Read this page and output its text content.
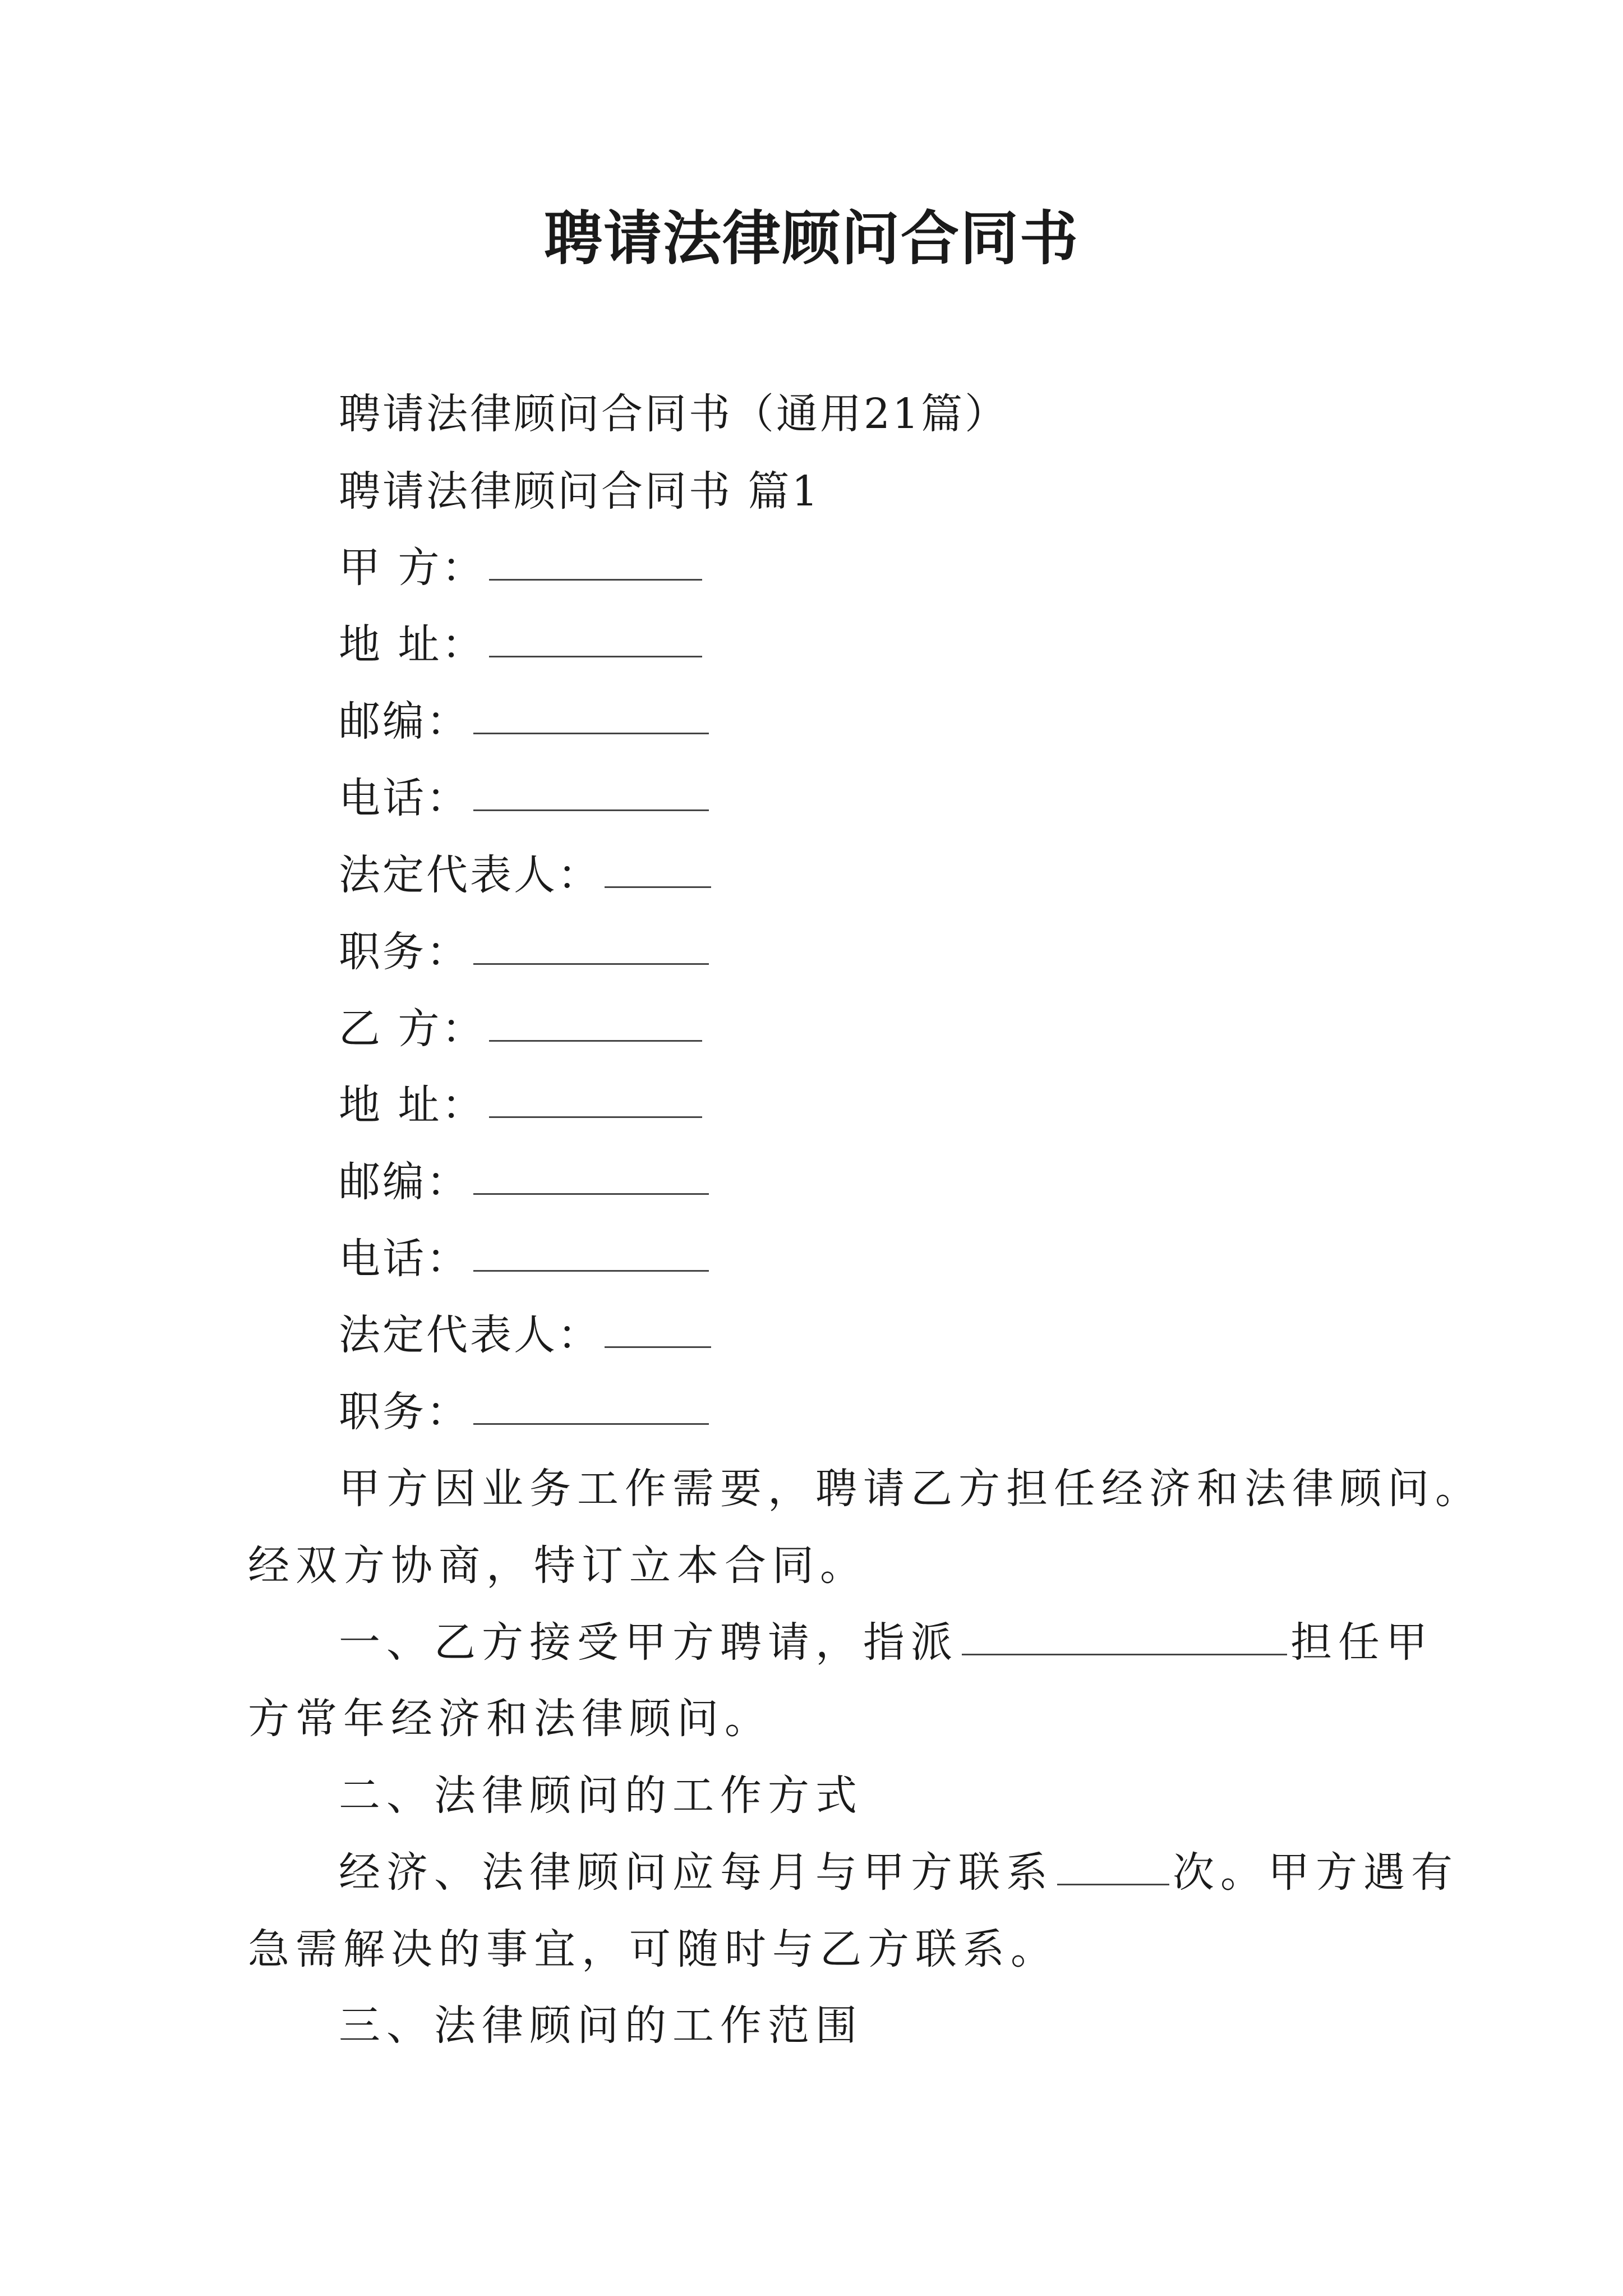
聘请法律顾问合同书
聘请法律顾问合同书（通用21篇）
聘请法律顾问合同书 篇1
甲 方：
地 址：
邮编：
电话：
法定代表人：
职务：
乙 方：
地 址：
邮编：
电话：
法定代表人：
职务：
甲方因业务工作需要，聘请乙方担任经济和法律顾问。
经双方协商，特订立本合同。
一、乙方接受甲方聘请，指派	担任甲
方常年经济和法律顾问。
二、法律顾问的工作方式
经济、法律顾问应每月与甲方联系	次。甲方遇有
急需解决的事宜，可随时与乙方联系。
三、法律顾问的工作范围
